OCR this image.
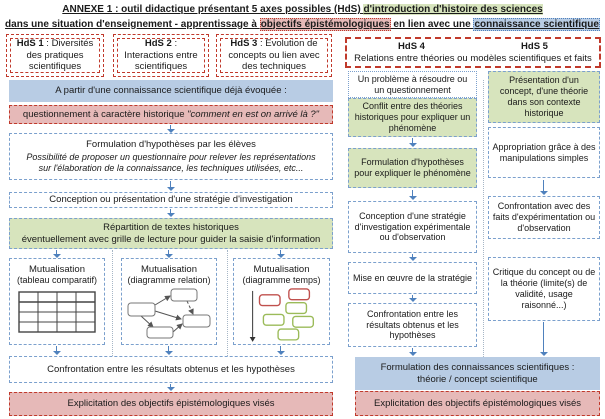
ANNEXE 1 : outil didactique présentant 5 axes possibles (HdS) d'introduction d'histoire des sciences
dans une situation d'enseignement - apprentissage à objectifs épistémologiques en lien avec une connaissance scientifique
HdS 1 : Diversités des pratiques scientifiques
HdS 2 : Interactions entre scientifiques
HdS 3 : Evolution de concepts ou lien avec des techniques
HdS 4	HdS 5
Relations entre théories ou modèles scientifiques et faits
A partir d'une connaissance scientifique déjà évoquée :
questionnement à caractère historique "comment en est on arrivé là ?"
Formulation d'hypothèses par les élèves
Possibilité de proposer un questionnaire pour relever les représentations sur l'élaboration de la connaissance, les techniques utilisées, etc...
Conception ou présentation d'une stratégie d'investigation
Répartition de textes historiques
éventuellement avec grille de lecture pour guider la saisie d'information
Mutualisation
(tableau comparatif)
Mutualisation
(diagramme relation)
Mutualisation
(diagramme temps)
Confrontation entre les résultats obtenus et les hypothèses
Explicitation des objectifs épistémologiques visés
Un problème à résoudre ou un questionnement
Conflit entre des théories historiques pour expliquer un phénomène
Formulation d'hypothèses pour expliquer le phénomène
Conception d'une stratégie d'investigation expérimentale ou d'observation
Mise en œuvre de la stratégie
Confrontation entre les résultats obtenus et les hypothèses
Présentation d'un concept, d'une théorie dans son contexte historique
Appropriation grâce à des manipulations simples
Confrontation avec des faits d'expérimentation ou d'observation
Critique du concept ou de la théorie (limite(s) de validité, usage raisonné...)
Formulation des connaissances scientifiques :
théorie / concept scientifique
Explicitation des objectifs épistémologiques visés
